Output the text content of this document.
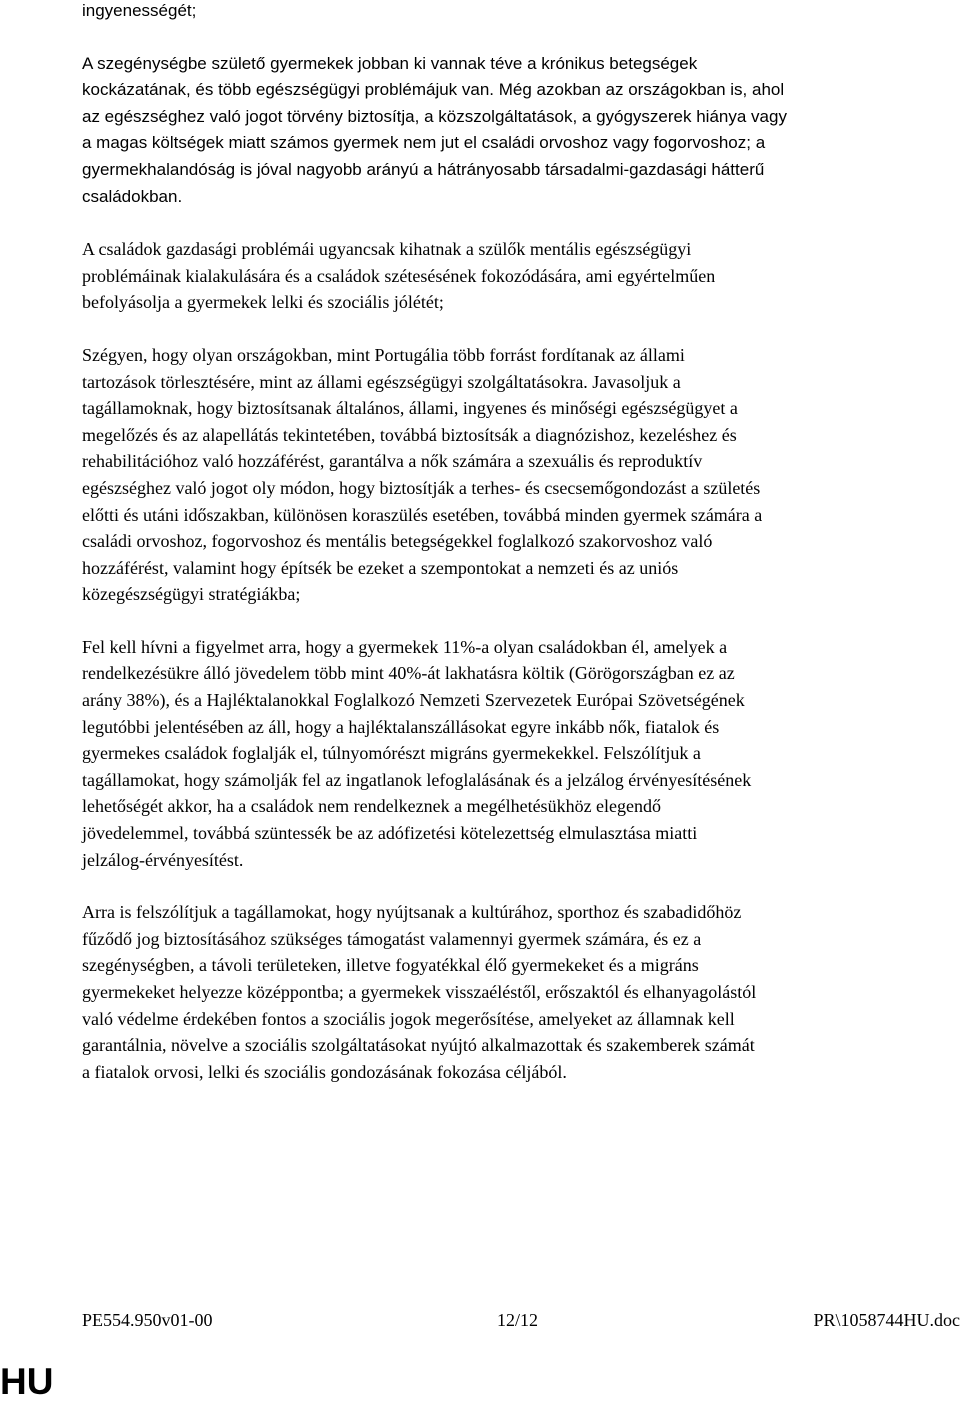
ingyenességét;

A szegénységbe születő gyermekek jobban ki vannak téve a krónikus betegségek
kockázatának, és több egészségügyi problémájuk van. Még azokban az országokban is, ahol
az egészséghez való jogot törvény biztosítja, a közszolgáltatások, a gyógyszerek hiánya vagy
a magas költségek miatt számos gyermek nem jut el családi orvoshoz vagy fogorvoshoz; a
gyermekhalandóság is jóval nagyobb arányú a hátrányosabb társadalmi-gazdasági hátterű
családokban.

A családok gazdasági problémái ugyancsak kihatnak a szülők mentális egészségügyi
problémáinak kialakulására és a családok szétesésének fokozódására, ami egyértelműen
befolyásolja a gyermekek lelki és szociális jólétét;

Szégyen, hogy olyan országokban, mint Portugália több forrást fordítanak az állami
tartozások törlesztésére, mint az állami egészségügyi szolgáltatásokra. Javasoljuk a
tagállamoknak, hogy biztosítsanak általános, állami, ingyenes és minőségi egészségügyet a
megelőzés és az alapellátás tekintetében, továbbá biztosítsák a diagnózishoz, kezeléshez és
rehabilitációhoz való hozzáférést, garantálva a nők számára a szexuális és reproduktív
egészséghez való jogot oly módon, hogy biztosítják a terhes- és csecsemőgondozást a születés
előtti és utáni időszakban, különösen koraszülés esetében, továbbá minden gyermek számára a
családi orvoshoz, fogorvoshoz és mentális betegségekkel foglalkozó szakorvoshoz való
hozzáférést, valamint hogy építsék be ezeket a szempontokat a nemzeti és az uniós
közegészségügyi stratégiákba;

Fel kell hívni a figyelmet arra, hogy a gyermekek 11%-a olyan családokban él, amelyek a
rendelkezésükre álló jövedelem több mint 40%-át lakhatásra költik (Görögországban ez az
arány 38%), és a Hajléktalanokkal Foglalkozó Nemzeti Szervezetek Európai Szövetségének
legutóbbi jelentésében az áll, hogy a hajléktalanszállásokat egyre inkább nők, fiatalok és
gyermekes családok foglalják el, túlnyomórészt migráns gyermekekkel. Felszólítjuk a
tagállamokat, hogy számolják fel az ingatlanok lefoglalásának és a jelzálog érvényesítésének
lehetőségét akkor, ha a családok nem rendelkeznek a megélhetésükhöz elegendő
jövedelemmel, továbbá szüntessék be az adófizetési kötelezettség elmulasztása miatti
jelzálog-érvényesítést.

Arra is felszólítjuk a tagállamokat, hogy nyújtsanak a kultúrához, sporthoz és szabadidőhöz
fűződő jog biztosításához szükséges támogatást valamennyi gyermek számára, és ez a
szegénységben, a távoli területeken, illetve fogyatékkal élő gyermekeket és a migráns
gyermekeket helyezze középpontba; a gyermekek visszaéléstől, erőszaktól és elhanyagolástól
való védelme érdekében fontos a szociális jogok megerősítése, amelyeket az államnak kell
garantálnia, növelve a szociális szolgáltatásokat nyújtó alkalmazottak és szakemberek számát
a fiatalok orvosi, lelki és szociális gondozásának fokozása céljából.

PE554.950v01-00	12/12	PR\1058744HU.doc
HU
